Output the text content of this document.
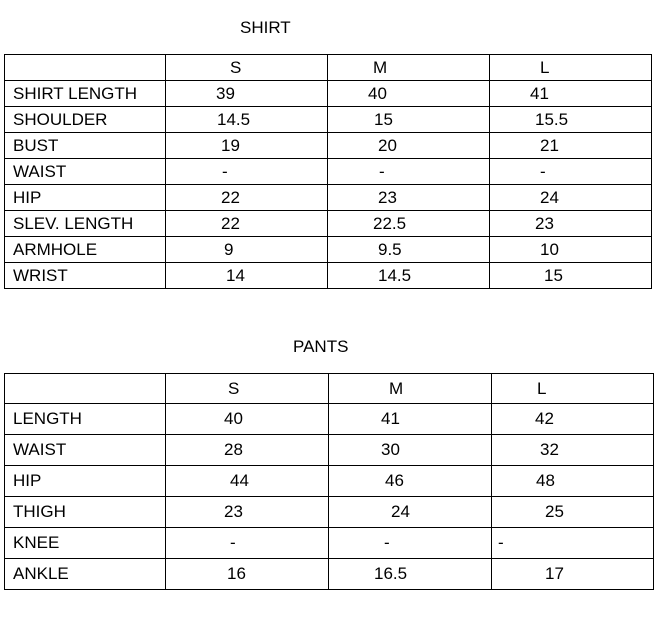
SHIRT
	S	M	L
SHIRT LENGTH	39	40	41
SHOULDER	14.5	15	15.5
BUST	19	20	21
WAIST	-	-	-
HIP	22	23	24
SLEV. LENGTH	22	22.5	23
ARMHOLE	9	9.5	10
WRIST	14	14.5	15
PANTS
	S	M	L
LENGTH	40	41	42
WAIST	28	30	32
HIP	44	46	48
THIGH	23	24	25
KNEE	-	-	-
ANKLE	16	16.5	17
